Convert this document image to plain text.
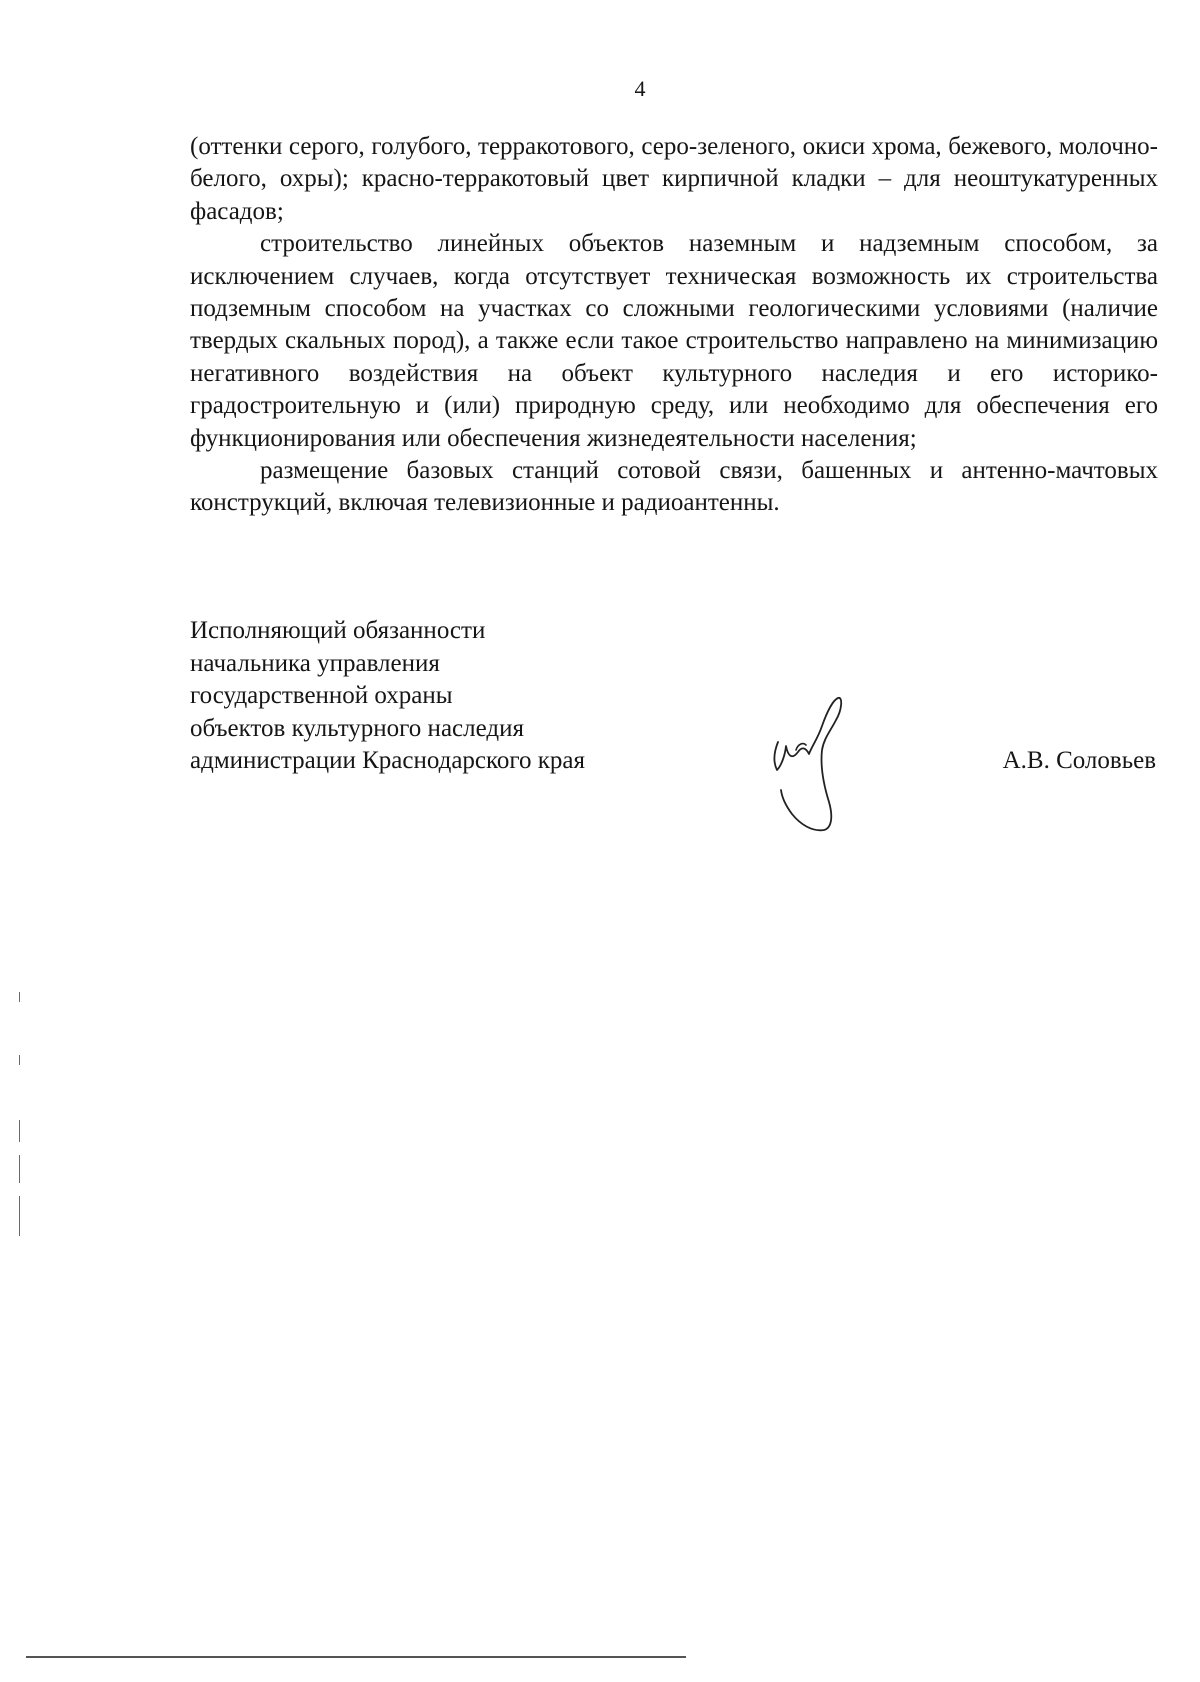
4

(оттенки серого, голубого, терракотового, серо-зеленого, окиси хрома, бежевого, молочно-белого, охры); красно-терракотовый цвет кирпичной кладки – для неоштукатуренных фасадов;

строительство линейных объектов наземным и надземным способом, за исключением случаев, когда отсутствует техническая возможность их строительства подземным способом на участках со сложными геологическими условиями (наличие твердых скальных пород), а также если такое строительство направлено на минимизацию негативного воздействия на объект культурного наследия и его историко-градостроительную и (или) природную среду, или необходимо для обеспечения его функционирования или обеспечения жизнедеятельности населения;

размещение базовых станций сотовой связи, башенных и антенно-мачтовых конструкций, включая телевизионные и радиоантенны.

Исполняющий обязанности
начальника управления
государственной охраны
объектов культурного наследия
администрации Краснодарского края	А.В. Соловьев
